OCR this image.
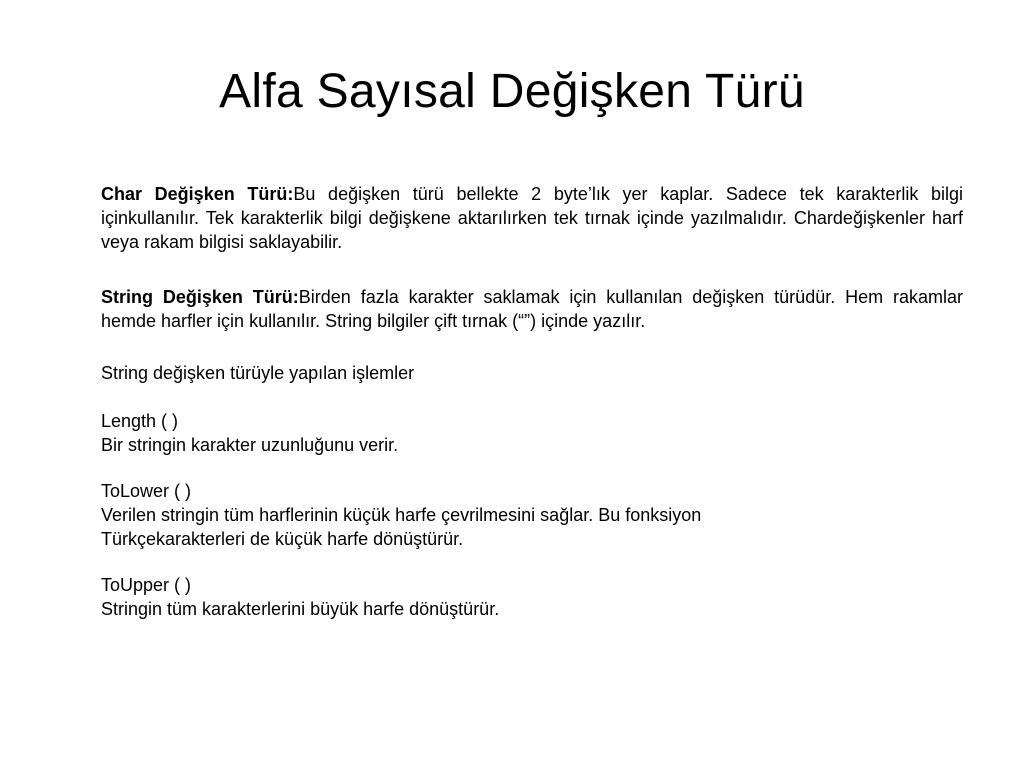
Alfa Sayısal Değişken Türü

Char Değişken Türü:Bu değişken türü bellekte 2 byte’lık yer kaplar. Sadece tek karakterlik bilgi içinkullanılır. Tek karakterlik bilgi değişkene aktarılırken tek tırnak içinde yazılmalıdır. Chardeğişkenler harf veya rakam bilgisi saklayabilir.

String Değişken Türü:Birden fazla karakter saklamak için kullanılan değişken türüdür. Hem rakamlar hemde harfler için kullanılır. String bilgiler çift tırnak (“”) içinde yazılır.

String değişken türüyle yapılan işlemler

Length ( )
Bir stringin karakter uzunluğunu verir.
ToLower ( )
Verilen stringin tüm harflerinin küçük harfe çevrilmesini sağlar. Bu fonksiyon
Türkçekarakterleri de küçük harfe dönüştürür.
ToUpper ( )
Stringin tüm karakterlerini büyük harfe dönüştürür.
